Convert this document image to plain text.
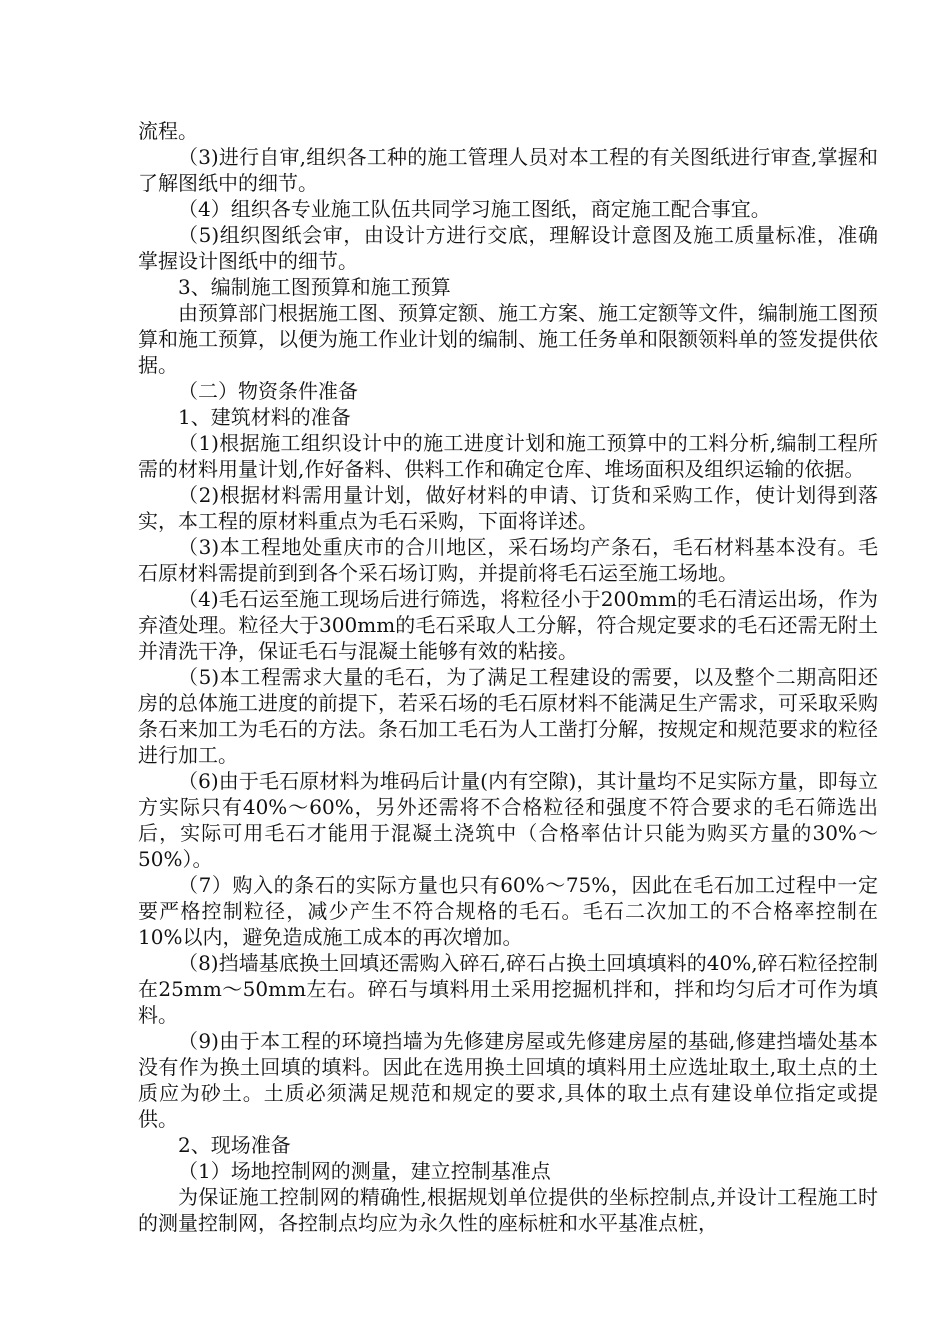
流程。

（3)进行自审,组织各工种的施工管理人员对本工程的有关图纸进行审查,掌握和了解图纸中的细节。

（4）组织各专业施工队伍共同学习施工图纸，商定施工配合事宜。

（5)组织图纸会审，由设计方进行交底，理解设计意图及施工质量标准，准确掌握设计图纸中的细节。

3、编制施工图预算和施工预算

由预算部门根据施工图、预算定额、施工方案、施工定额等文件，编制施工图预算和施工预算，以便为施工作业计划的编制、施工任务单和限额领料单的签发提供依据。

（二）物资条件准备

1、建筑材料的准备

（1)根据施工组织设计中的施工进度计划和施工预算中的工料分析,编制工程所需的材料用量计划,作好备料、供料工作和确定仓库、堆场面积及组织运输的依据。

（2)根据材料需用量计划，做好材料的申请、订货和采购工作，使计划得到落实，本工程的原材料重点为毛石采购，下面将详述。

（3)本工程地处重庆市的合川地区，采石场均产条石，毛石材料基本没有。毛石原材料需提前到到各个采石场订购，并提前将毛石运至施工场地。

（4)毛石运至施工现场后进行筛选，将粒径小于200mm的毛石清运出场，作为弃渣处理。粒径大于300mm的毛石采取人工分解，符合规定要求的毛石还需无附土并清洗干净，保证毛石与混凝土能够有效的粘接。

（5)本工程需求大量的毛石，为了满足工程建设的需要，以及整个二期高阳还房的总体施工进度的前提下，若采石场的毛石原材料不能满足生产需求，可采取采购条石来加工为毛石的方法。条石加工毛石为人工凿打分解，按规定和规范要求的粒径进行加工。

（6)由于毛石原材料为堆码后计量(内有空隙)，其计量均不足实际方量，即每立方实际只有40%～60%，另外还需将不合格粒径和强度不符合要求的毛石筛选出后，实际可用毛石才能用于混凝土浇筑中（合格率估计只能为购买方量的30%～50%）。

（7）购入的条石的实际方量也只有60%～75%，因此在毛石加工过程中一定要严格控制粒径，减少产生不符合规格的毛石。毛石二次加工的不合格率控制在10%以内，避免造成施工成本的再次增加。

（8)挡墙基底换土回填还需购入碎石,碎石占换土回填填料的40%,碎石粒径控制在25mm～50mm左右。碎石与填料用土采用挖掘机拌和，拌和均匀后才可作为填料。

（9)由于本工程的环境挡墙为先修建房屋或先修建房屋的基础,修建挡墙处基本没有作为换土回填的填料。因此在选用换土回填的填料用土应选址取土,取土点的土质应为砂土。土质必须满足规范和规定的要求,具体的取土点有建设单位指定或提供。

2、现场准备

（1）场地控制网的测量，建立控制基准点

为保证施工控制网的精确性,根据规划单位提供的坐标控制点,并设计工程施工时的测量控制网，各控制点均应为永久性的座标桩和水平基准点桩，
